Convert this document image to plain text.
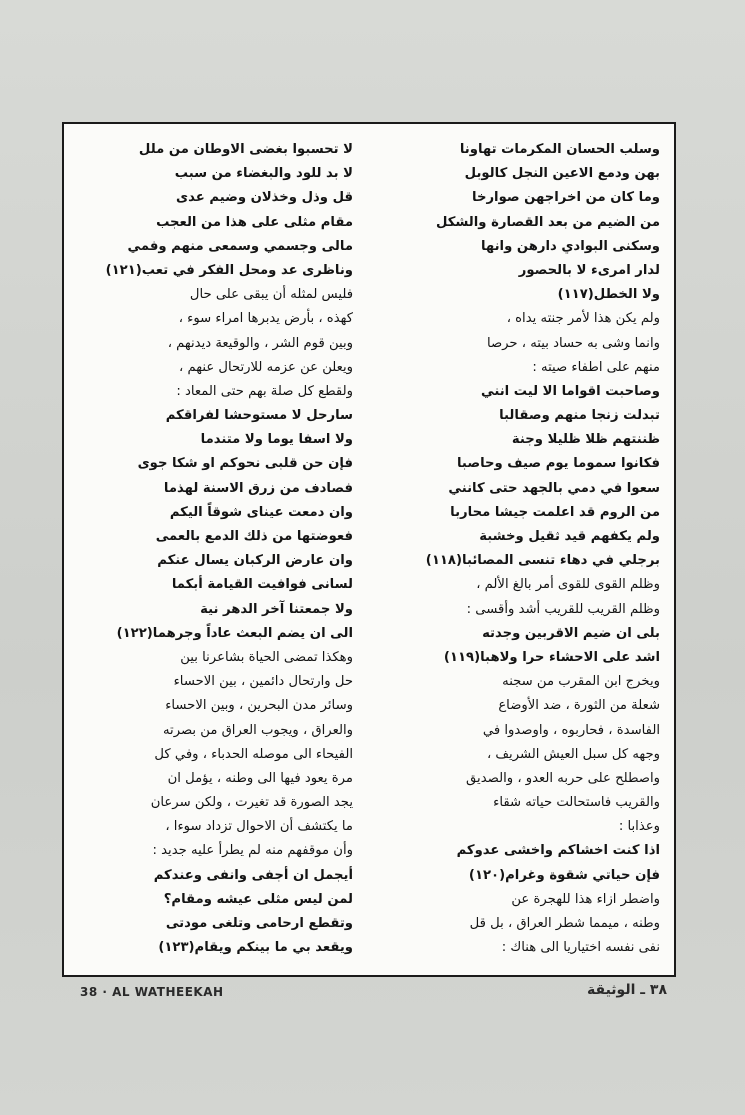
وسلب الحسان المكرمات تهاونا
بهن ودمع الاعين النجل كالوبل
وما كان من اخراجهن صوارخا
من الضيم من بعد القصارة والشكل
وسكنى البوادي دارهن وانها
لدار امرىء لا بالحصور
ولا الخطل(١١٧)
ولم يكن هذا لأمر جنته يداه ،
وانما وشى به حساد بيته ، حرصا
منهم على اطفاء صيته :
وصاحبت اقواما الا ليت انني
تبدلت زنجا منهم وصقالبا
ظننتهم ظلا ظليلا وجنة
فكانوا سموما يوم صيف وحاصبا
سعوا في دمي بالجهد حتى كانني
من الروم قد اعلمت جيشا محاربا
ولم يكفهم قيد ثقيل وخشبة
برجلي في دهاء تنسى المصائبا(١١٨)
وظلم القوى للقوى أمر بالغ الألم ،
وظلم القريب للقريب أشد وأقسى :
بلى ان ضيم الاقربين وجدته
اشد على الاحشاء حرا ولاهبا(١١٩)
ويخرج ابن المقرب من سجنه
شعلة من الثورة ، ضد الأوضاع
الفاسدة ، فحاربوه ، واوصدوا في
وجهه كل سبل العيش الشريف ،
واصطلح على حربه العدو ، والصديق
والقريب فاستحالت حياته شقاء
وعذابا :
اذا كنت اخشاكم واخشى عدوكم
فإن حياتي شقوة وغرام(١٢٠)
واضطر ازاء هذا للهجرة عن
وطنه ، ميمما شطر العراق ، بل قل
نفى نفسه اختياريا الى هناك :
لا تحسبوا بغضى الاوطان من ملل
لا بد للود والبغضاء من سبب
قل وذل وخذلان وضيم عدى
مقام مثلى على هذا من العجب
مالى وجسمي وسمعى منهم وفمي
وناظرى عد ومحل الفكر في تعب(١٢١)
فليس لمثله أن يبقى على حال
كهذه ، بأرض يدبرها امراء سوء ،
وبين قوم الشر ، والوقيعة ديدنهم ،
ويعلن عن عزمه للارتحال عنهم ،
ولقطع كل صلة بهم حتى المعاد :
سارحل لا مستوحشا لفراقكم
ولا اسفا يوما ولا متندما
فإن حن قلبى نحوكم او شكا جوى
فصادف من زرق الاسنة لهذما
وان دمعت عيناى شوقاً اليكم
فعوضتها من ذلك الدمع بالعمى
وان عارض الركبان يسال عنكم
لسانى فوافيت القيامة أبكما
ولا جمعتنا آخر الدهر نية
الى ان يضم البعث عاداً وجرهما(١٢٢)
وهكذا تمضى الحياة بشاعرنا بين
حل وارتحال دائمين ، بين الاحساء
وسائر مدن البحرين ، وبين الاحساء
والعراق ، ويجوب العراق من بصرته
الفيحاء الى موصله الحدباء ، وفي كل
مرة يعود فيها الى وطنه ، يؤمل ان
يجد الصورة قد تغيرت ، ولكن سرعان
ما يكتشف أن الاحوال تزداد سوءا ،
وأن موقفهم منه لم يطرأ عليه جديد :
أيجمل ان أجفى وانفى وعندكم
لمن ليس مثلى عيشه ومقام؟
وتقطع ارحامى وتلغى مودتى
ويقعد بي ما بينكم ويقام(١٢٣)
38 · AL WATHEEKAH	٣٨ ـ الوثيقة
